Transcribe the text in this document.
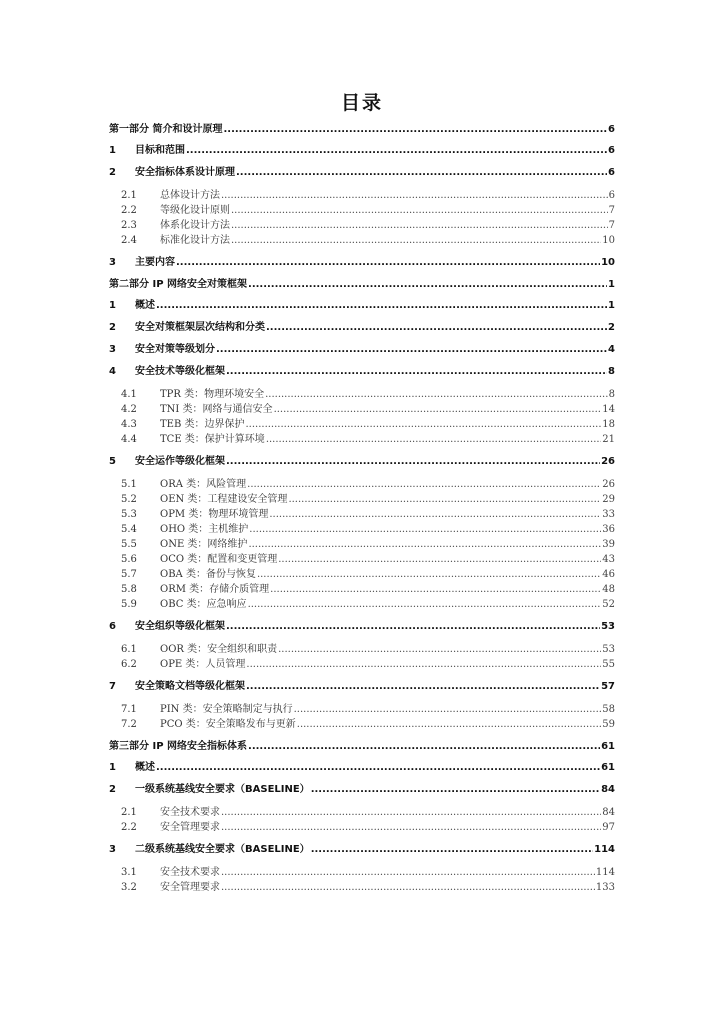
目录
第一部分 简介和设计原理 .....	6
1	目标和范围 .....	6
2	安全指标体系设计原理 .....	6
2.1	总体设计方法 .....	6
2.2	等级化设计原则 .....	7
2.3	体系化设计方法 .....	7
2.4	标准化设计方法 .....	10
3	主要内容 .....	10
第二部分 IP 网络安全对策框架 .....	1
1	概述 .....	1
2	安全对策框架层次结构和分类 .....	2
3	安全对策等级划分 .....	4
4	安全技术等级化框架 .....	8
4.1	TPR 类：物理环境安全 .....	8
4.2	TNI 类：网络与通信安全 .....	14
4.3	TEB 类：边界保护 .....	18
4.4	TCE 类：保护计算环境 .....	21
5	安全运作等级化框架 .....	26
5.1	ORA 类：风险管理 .....	26
5.2	OEN 类：工程建设安全管理 .....	29
5.3	OPM 类：物理环境管理 .....	33
5.4	OHO 类：主机维护 .....	36
5.5	ONE 类：网络维护 .....	39
5.6	OCO 类：配置和变更管理 .....	43
5.7	OBA 类：备份与恢复 .....	46
5.8	ORM 类：存储介质管理 .....	48
5.9	OBC 类：应急响应 .....	52
6	安全组织等级化框架 .....	53
6.1	OOR 类：安全组织和职责 .....	53
6.2	OPE 类：人员管理 .....	55
7	安全策略文档等级化框架 .....	57
7.1	PIN 类：安全策略制定与执行 .....	58
7.2	PCO 类：安全策略发布与更新 .....	59
第三部分 IP 网络安全指标体系 .....	61
1	概述 .....	61
2	一级系统基线安全要求（BASELINE） .....	84
2.1	安全技术要求 .....	84
2.2	安全管理要求 .....	97
3	二级系统基线安全要求（BASELINE） .....	114
3.1	安全技术要求 .....	114
3.2	安全管理要求 .....	133
